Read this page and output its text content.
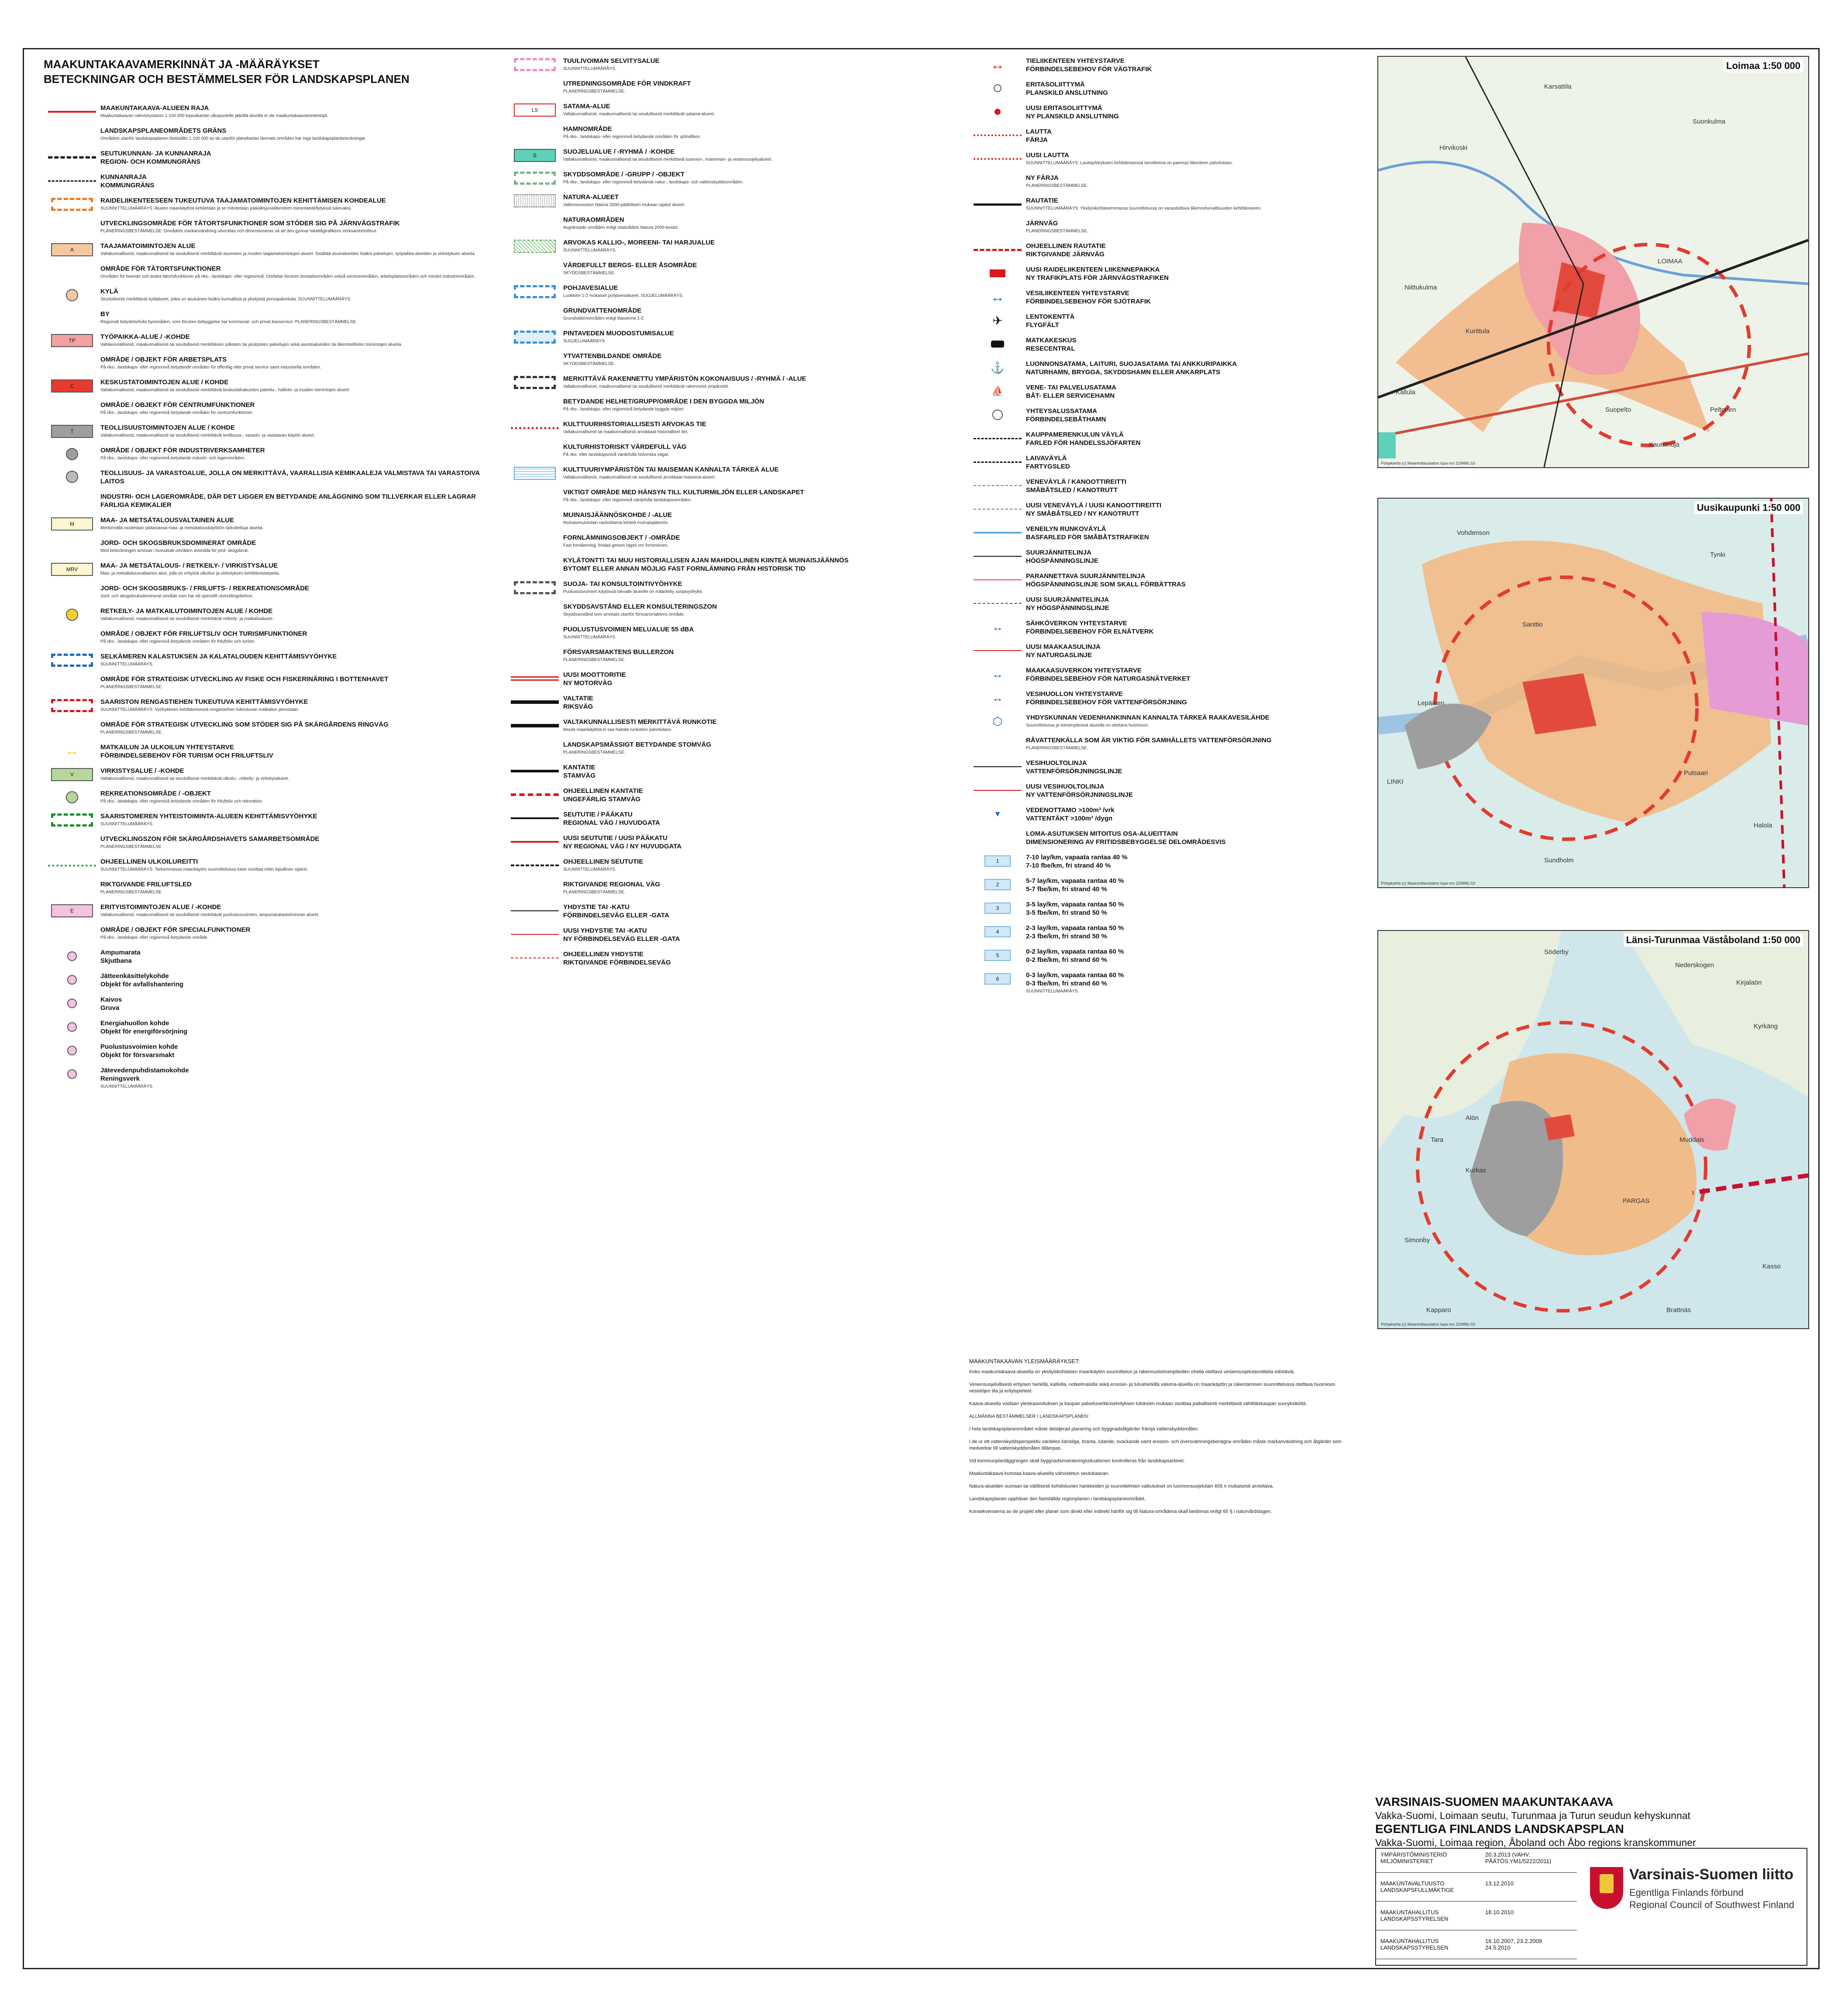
MAAKUNTAKAAVAMERKINNÄT JA -MÄÄRÄYKSET
BETECKNINGAR OCH BESTÄMMELSER FÖR LANDSKAPSPLANEN
MAAKUNTAKAAVA-ALUEEN RAJA
Maakuntakaavan vahvistustason 1:100 000 kaavakartan ulkopuolelle jäävillä alueilla ei ole maakuntakaavamerkintöjä.
LANDSKAPSPLANEOMRÅDETS GRÄNS
Områdets utanför landskapsplanen fastställts 1:100 000 av de utanför planekartan lämnats områden har inga landskapsplanbeteckningar.
SEUTUKUNNAN- JA KUNNANRAJA
REGION- OCH KOMMUNGRÄNS
KUNNANRAJA
KOMMUNGRÄNS
RAIDELIIKENTEESEEN TUKEUTUVA TAAJAMATOIMINTOJEN KEHITTÄMISEN KOHDEALUE
SUUNNITTELUMÄÄRÄYS: Alueen maankäyttöä kehitetään ja se mitoitetaan paikallisjunaliikenteen toimintaedellytyksiä tukevaksi.
UTVECKLINGSOMRÅDE FÖR TÄTORTSFUNKTIONER SOM STÖDER SIG PÅ JÄRNVÄGSTRAFIK
PLANERINGSBESTÄMMELSE: Områdets markanvändning utvecklas och dimensioneras så att den gynnar lokaltågtrafikens verksamhetsförut.
A	TAAJAMATOIMINTOJEN ALUE
Valtakunnallisesti, maakunnallisesti tai seudullisesti merkittävät asumisen ja muiden taajamatoimintojen alueet. Sisältää asuinalueiden lisäksi palvelujen, työpaikka-alueiden ja virkistyksen alueita.
OMRÅDE FÖR TÄTORTSFUNKTIONER
Områden för boende och andra tätortsfunktioner på riks-, landskaps- eller regionnivå. Omfattar förutom bostadsområden också serviceområden, arbetsplatsområden och mindre industriområden.
KYLÄ
Seudullisesti merkittävät kyläalueet, jotka on asutuksen lisäksi kunnallisia ja yksityisiä peruspalveluita. SUUNNITTELUMÄÄRÄYS.
BY
Regionalt betydelsefulla byområden, som förutom bebyggelse har kommunal- och privat basservice. PLANERINGSBESTÄMMELSE.
TP	TYÖPAIKKA-ALUE / -KOHDE
Valtakunnallisesti, maakunnallisesti tai seudullisesti merkittävien julkisten tai yksityisten palvelujen sekä asuntoalueiden tai liikenteellisten toimintojen alueita.
OMRÅDE / OBJEKT FÖR ARBETSPLATS
På riks-, landskaps- eller regionnivå betydande områden för offentlig eller privat service samt industriella områden.
C	KESKUSTATOIMINTOJEN ALUE / KOHDE
Valtakunnallisesti, maakunnallisesti tai seudullisesti merkittävät keskustahakuisten palvelu-, hallinto- ja muiden toimintojen alueet.
OMRÅDE / OBJEKT FÖR CENTRUMFUNKTIONER
På riks-, landskaps- eller regionnivå betydande områden för centrumfunktioner.
T	TEOLLISUUSTOIMINTOJEN ALUE / KOHDE
Valtakunnallisesti, maakunnallisesti tai seudullisesti merkittävät teollisuus-, varasto- ja vastaavan käytön alueet.
OMRÅDE / OBJEKT FÖR INDUSTRIVERKSAMHETER
På riks-, landskaps- eller regionnivå betydande industri- och lagerområden.
TEOLLISUUS- JA VARASTOALUE, JOLLA ON MERKITTÄVÄ, VAARALLISIA KEMIKAALEJA VALMISTAVA TAI VARASTOIVA LAITOS
INDUSTRI- OCH LAGEROMRÅDE, DÄR DET LIGGER EN BETYDANDE ANLÄGGNING SOM TILLVERKAR ELLER LAGRAR FARLIGA KEMIKALIER
M	MAA- JA METSÄTALOUSVALTAINEN ALUE
Merkinnällä osoitetaan pääasiassa maa- ja metsätalouskäyttöön tarkoitettuja alueita.
JORD- OCH SKOGSBRUKSDOMINERAT OMRÅDE
Med beteckningen anvisas i huvudsak områden avsedda för jord- skogsbruk.
MRV	MAA- JA METSÄTALOUS- / RETKEILY- / VIRKISTYSALUE
Maa- ja metsätalousvaltainen alue, jolla on erityisiä ulkoilun ja virkistyksen kehittämistarpeita.
JORD- OCH SKOGSBRUKS- / FRILUFTS- / REKREATIONSOMRÅDE
Jord- och skogsbruksdominerat område som har ett speciellt utvecklingsbehov.
RETKEILY- JA MATKAILUTOIMINTOJEN ALUE / KOHDE
Valtakunnallisesti, maakunnallisesti tai seudullisesti merkittävät retkeily- ja matkailualueet.
OMRÅDE / OBJEKT FÖR FRILUFTSLIV OCH TURISMFUNKTIONER
På riks-, landskaps- eller regionnivå betydande områden för friluftsliv och turism.
SELKÄMEREN KALASTUKSEN JA KALATALOUDEN KEHITTÄMISVYÖHYKE
SUUNNITTELUMÄÄRÄYS.
OMRÅDE FÖR STRATEGISK UTVECKLING AV FISKE OCH FISKERINÄRING I BOTTENHAVET
PLANERINGSBESTÄMMELSE.
SAARISTON RENGASTIEHEN TUKEUTUVA KEHITTÄMISVYÖHYKE
SUUNNITTELUMÄÄRÄYS: Vyöhykkeen kehittämisessä rengastiehen tukeutuvan matkailun perustaan.
OMRÅDE FÖR STRATEGISK UTVECKLING SOM STÖDER SIG PÅ SKÄRGÅRDENS RINGVÄG
PLANERINGSBESTÄMMELSE.
↔	MATKAILUN JA ULKOILUN YHTEYSTARVE
FÖRBINDELSEBEHOV FÖR TURISM OCH FRILUFTSLIV
V	VIRKISTYSALUE / -KOHDE
Valtakunnallisesti, maakunnallisesti tai seudullisesti merkittävät ulkoilu-, retkeily- ja virkistysalueet.
REKREATIONSOMRÅDE / -OBJEKT
På riks-, landskaps- eller regionnivå betydande områden för friluftsliv och rekreation.
SAARISTOMEREN YHTEISTOIMINTA-ALUEEN KEHITTÄMISVYÖHYKE
SUUNNITTELUMÄÄRÄYS.
UTVECKLINGSZON FÖR SKÄRGÅRDSHAVETS SAMARBETSOMRÅDE
PLANERINGSBESTÄMMELSE.
OHJEELLINEN ULKOILUREITTI
SUUNNITTELUMÄÄRÄYS: Tarkemmassa maankäytön suunnittelussa tulee osoittaa reitin lopullinen sijainti.
RIKTGIVANDE FRILUFTSLED
PLANERINGSBESTÄMMELSE.
E	ERITYISTOIMINTOJEN ALUE / -KOHDE
Valtakunnallisesti, maakunnallisesti tai seudullisesti merkittävät puolustusvoimien, ampumarataotoiminnan alueet.
OMRÅDE / OBJEKT FÖR SPECIALFUNKTIONER
På riks-, landskaps- eller regionnivå betydande område.
Ampumarata
Skjutbana
Jätteenkäsittelykohde
Objekt för avfallshantering
Kaivos
Gruva
Energiahuollon kohde
Objekt för energiförsörjning
Puolustusvoimien kohde
Objekt för försvarsmakt
Jätevedenpuhdistamokohde
Reningsverk
SUUNNITTELUMÄÄRÄYS.
TUULIVOIMAN SELVITYSALUE
SUUNNITTELUMÄÄRÄYS.
UTREDNINGSOMRÅDE FÖR VINDKRAFT
PLANERINGSBESTÄMMELSE.
LS	SATAMA-ALUE
Valtakunnallisesti, maakunnallisesti tai seudullisesti merkittävät satama-alueet.
HAMNOMRÅDE
På riks-, landskaps- eller regionnivå betydande områden för sjötrafiken.
S	SUOJELUALUE / -RYHMÄ / -KOHDE
Valtakunnallisesti, maakunnallisesti tai seudullisesti merkittävät luonnon-, maiseman- ja vesiensuojelualueet.
SKYDDSOMRÅDE / -GRUPP / -OBJEKT
På riks-, landskaps- eller regionnivå betydande natur-, landskaps- och vattenskyddsområden.
NATURA-ALUEET
Valtioneuvoston Natura 2000-päätöksen mukaan rajatut alueet.
NATURAOMRÅDEN
Avgränsade områden enligt statsrådets Natura 2000-beslut.
ARVOKAS KALLIO-, MOREENI- TAI HARJUALUE
SUUNNITTELUMÄÄRÄYS.
VÄRDEFULLT BERGS- ELLER ÅSOMRÅDE
SKYDDSBESTÄMMELSE.
POHJAVESIALUE
Luokkien 1-2 mukaiset pohjavesialueet. SUOJELUMÄÄRÄYS.
GRUNDVATTENOMRÅDE
Grundvattenområden enligt klasserna 1-2.
PINTAVEDEN MUODOSTUMISALUE
SUOJELUMÄÄRÄYS.
YTVATTENBILDANDE OMRÅDE
SKYDDSBESTÄMMELSE.
MERKITTÄVÄ RAKENNETTU YMPÄRISTÖN KOKONAISUUS / -RYHMÄ / -ALUE
Valtakunnallisesti, maakunnallisesti tai seudullisesti merkittävät rakennetut ympäristöt.
BETYDANDE HELHET/GRUPP/OMRÅDE I DEN BYGGDA MILJÖN
På riks-, landskaps- eller regionnivå betydande byggda miljöer.
KULTTUURIHISTORIALLISESTI ARVOKAS TIE
Valtakunnallisesti tai maakunnallisesti arvokkaat historialliset tiet.
KULTURHISTORISKT VÄRDEFULL VÄG
På riks- eller landskapsnivå värdefulla historiska vägar.
KULTTUURIYMPÄRISTÖN TAI MAISEMAN KANNALTA TÄRKEÄ ALUE
Valtakunnallisesti, maakunnallisesti tai seudullisesti arvokkaat maisema-alueet.
VIKTIGT OMRÅDE MED HÄNSYN TILL KULTURMILJÖN ELLER LANDSKAPET
På riks-, landskaps- eller regionnivå värdefulla landskapsområden.
MUINAISJÄÄNNÖSKOHDE / -ALUE
Muinaismuistolain rauhoittama kiinteä muinaisjäännös.
FORNLÄMNINGSOBJEKT / -OMRÅDE
Fast fornlämning, fredad genom lagen om fornminnen.
KYLÄTONTTI TAI MUU HISTORIALLISEN AJAN MAHDOLLINEN KIINTEÄ MUINAISJÄÄNNÖS
BYTOMT ELLER ANNAN MÖJLIG FAST FORNLÄMNING FRÅN HISTORISK TID
SUOJA- TAI KONSULTOINTIVYÖHYKE
Puolustusvoimien käytössä olevalle alueelle on määritelty suojavyöhyke.
SKYDDSAVSTÅND ELLER KONSULTERINGSZON
Skyddsavstånd som anvisats utanför försvarsmaktens område.
PUOLUSTUSVOIMIEN MELUALUE 55 dBA
SUUNNITTELUMÄÄRÄYS.
FÖRSVARSMAKTENS BULLERZON
PLANERINGSBESTÄMMELSE.
UUSI MOOTTORITIE
NY MOTORVÄG
VALTATIE
RIKSVÄG
VALTAKUNNALLISESTI MERKITTÄVÄ RUNKOTIE
Muuta maankäyttöä ei saa haitata runkotien palvelutaso.
LANDSKAPSMÄSSIGT BETYDANDE STOMVÄG
PLANERINGSBESTÄMMELSE.
KANTATIE
STAMVÄG
OHJEELLINEN KANTATIE
UNGEFÄRLIG STAMVÄG
SEUTUTIE / PÄÄKATU
REGIONAL VÄG / HUVUDGATA
UUSI SEUTUTIE / UUSI PÄÄKATU
NY REGIONAL VÄG / NY HUVUDGATA
OHJEELLINEN SEUTUTIE
SUUNNITTELUMÄÄRÄYS.
RIKTGIVANDE REGIONAL VÄG
PLANERINGSBESTÄMMELSE.
YHDYSTIE TAI -KATU
FÖRBINDELSEVÄG ELLER -GATA
UUSI YHDYSTIE TAI -KATU
NY FÖRBINDELSEVÄG ELLER -GATA
OHJEELLINEN YHDYSTIE
RIKTGIVANDE FÖRBINDELSEVÄG
↔	TIELIIKENTEEN YHTEYSTARVE
FÖRBINDELSEBEHOV FÖR VÄGTRAFIK
ERITASOLIITTYMÄ
PLANSKILD ANSLUTNING
UUSI ERITASOLIITTYMÄ
NY PLANSKILD ANSLUTNING
LAUTTA
FÄRJA
UUSI LAUTTA
SUUNNITTELUMÄÄRÄYS: Lauttayhteyksien kehittämisessä tavoitteena on parempi liikenteen palvelutaso.
NY FÄRJA
PLANERINGSBESTÄMMELSE.
RAUTATIE
SUUNNITTELUMÄÄRÄYS: Yksityiskohtaisemmassa suunnittelussa on varauduttava liikenneturvallisuuden kehittämiseen.
JÄRNVÄG
PLANERINGSBESTÄMMELSE.
OHJEELLINEN RAUTATIE
RIKTGIVANDE JÄRNVÄG
UUSI RAIDELIIKENTEEN LIIKENNEPAIKKA
NY TRAFIKPLATS FÖR JÄRNVÄGSTRAFIKEN
↔	VESILIIKENTEEN YHTEYSTARVE
FÖRBINDELSEBEHOV FÖR SJÖTRAFIK
✈	LENTOKENTTÄ
FLYGFÄLT
MATKAKESKUS
RESECENTRAL
⚓	LUONNONSATAMA, LAITURI, SUOJASATAMA TAI ANKKURIPAIKKA
NATURHAMN, BRYGGA, SKYDDSHAMN ELLER ANKARPLATS
⛵	VENE- TAI PALVELUSATAMA
BÅT- ELLER SERVICEHAMN
YHTEYSALUSSATAMA
FÖRBINDELSEBÅTHAMN
KAUPPAMERENKULUN VÄYLÄ
FARLED FÖR HANDELSSJÖFARTEN
LAIVAVÄYLÄ
FARTYGSLED
VENEVÄYLÄ / KANOOTTIREITTI
SMÅBÅTSLED / KANOTRUTT
UUSI VENEVÄYLÄ / UUSI KANOOTTIREITTI
NY SMÅBÅTSLED / NY KANOTRUTT
VENEILYN RUNKOVÄYLÄ
BASFARLED FÖR SMÅBÅTSTRAFIKEN
SUURJÄNNITELINJA
HÖGSPÄNNINGSLINJE
PARANNETTAVA SUURJÄNNITELINJA
HÖGSPÄNNINGSLINJE SOM SKALL FÖRBÄTTRAS
UUSI SUURJÄNNITELINJA
NY HÖGSPÄNNINGSLINJE
↔	SÄHKÖVERKON YHTEYSTARVE
FÖRBINDELSEBEHOV FÖR ELNÄTVERK
UUSI MAAKAASULINJA
NY NATURGASLINJE
↔	MAAKAASUVERKON YHTEYSTARVE
FÖRBINDELSEBEHOV FÖR NATURGASNÄTVERKET
↔	VESIHUOLLON YHTEYSTARVE
FÖRBINDELSEBEHOV FÖR VATTENFÖRSÖRJNING
⬡	YHDYSKUNNAN VEDENHANKINNAN KANNALTA TÄRKEÄ RAAKAVESILÄHDE
Suunnittelussa ja toimenpiteissä alueella on otettava huomioon.
RÅVATTENKÄLLA SOM ÄR VIKTIG FÖR SAMHÄLLETS VATTENFÖRSÖRJNING
PLANERINGSBESTÄMMELSE.
VESIHUOLTOLINJA
VATTENFÖRSÖRJNINGSLINJE
UUSI VESIHUOLTOLINJA
NY VATTENFÖRSÖRJNINGSLINJE
▼	VEDENOTTAMO >100m³ /vrk
VATTENTÄKT >100m³ /dygn
LOMA-ASUTUKSEN MITOITUS OSA-ALUEITTAIN
DIMENSIONERING AV FRITIDSBEBYGGELSE DELOMRÅDESVIS
1	7-10 lay/km, vapaata rantaa 40 %
7-10 fbe/km, fri strand 40 %
2	5-7 lay/km, vapaata rantaa 40 %
5-7 fbe/km, fri strand 40 %
3	3-5 lay/km, vapaata rantaa 50 %
3-5 fbe/km, fri strand 50 %
4	2-3 lay/km, vapaata rantaa 50 %
2-3 fbe/km, fri strand 50 %
5	0-2 lay/km, vapaata rantaa 60 %
0-2 fbe/km, fri strand 60 %
6	0-3 lay/km, vapaata rantaa 60 %
0-3 fbe/km, fri strand 60 %
SUUNNITTELUMÄÄRÄYS.
Loimaa 1:50 000
Pohjakartta (c) Maanmittauslaitos lupa nro 22/MML/10
Karsattila
Hirvikoski
Suonkulma
LOIMAA
Niittukulma
Suopelto
Kurittula
Peltonen
Kaurilinoja
Kallula
Uusikaupunki 1:50 000
Pohjakartta (c) Maanmittauslaitos lupa nro 22/MML/10
Vohdenson
Tynki
Santtio
Putsaari
Sundholm
Halola
LINKI
Lepäinen
Länsi-Turunmaa Väståboland 1:50 000
Pohjakartta (c) Maanmittauslaitos lupa nro 22/MML/10
Söderby
Kirjalaön
Nederskogen
Kyrkäng
Alön
Tara
Kurkas
PARGAS
Simonby
Kapparo	Brattnäs
Kasso
Muddais
MAAKUNTAKAAVAN YLEISMÄÄRÄYKSET:

Koko maakuntakaava-alueella on yksityiskohtaisen maankäytön suunnittelun ja rakennustoimenpiteiden ohella otettava vesiensuojelutavoitteita edistäviä.

Vesiensuojelullisesti erityisen herkillä, kalliolla, notkelmaisilla sekä eroosio- ja tulvaherkillä valuma-alueilla on maankäytön ja rakentamisen suunnittelussa otettava huomioon vesistöjen tila ja erityispiirteet.

Kaava-alueella voidaan yleiskaavoituksen ja kaupan palveluverkkoselvityksen tuloksien mukaan osoittaa paikallisesti merkittäviä vähittäiskaupan suuryksiköitä.

ALLMÄNNA BESTÄMMELSER I LANDSKAPSPLANEN:

I hela landskapsplaneområdet måste detaljerad planering och byggnadsåtgärder främja vattenskyddsmålen.

I de ur ett vattenskyddsperspektiv särdeles känsliga, branta, lutande, svackande samt erosion- och översvämningsbenägna områden måste markanvändning och åtgärder som medverkar till vattenskyddsmålen tillämpas.

Vid kommunplanläggningen skall byggnadsinventeringssituationen kontrolleras från landskapsarkivet.

Maakuntakaava kumoaa kaava-alueella vahvistetun seutukaavan.

Natura-alueiden suoraan tai välillisesti kohdistuvien hankkeiden ja suunnitelmien vaikutukset on luonnonsuojelulain 65§ n mukaisesti arvioitava.

Landskapsplanen upphäver den fastställda regionplanen i landskapsplaneområdet.

Konsekvenserna av de projekt eller planer som direkt eller indirekt hänför sig till Natura-områdena skall bedömas enligt 65 § i naturvårdslagen.

VARSINAIS-SUOMEN MAAKUNTAKAAVA
Vakka-Suomi, Loimaan seutu, Turunmaa ja Turun seudun kehyskunnat
EGENTLIGA FINLANDS LANDSKAPSPLAN
Vakka-Suomi, Loimaa region, Åboland och Åbo regions kranskommuner
YMPÄRISTÖMINISTERIÖ
MILJÖMINISTERIET
20.3.2013 (VAHV.
PÄÄTÖS YM1/5222/2011)
MAAKUNTAVALTUUSTO
LANDSKAPSFULLMÄKTIGE
13.12.2010
MAAKUNTAHALLITUS
LANDSKAPSSTYRELSEN
18.10.2010
MAAKUNTAHALLITUS
LANDSKAPSSTYRELSEN
16.10.2007, 23.2.2009
24.5.2010
Varsinais-Suomen liitto
Egentliga Finlands förbund
Regional Council of Southwest Finland
